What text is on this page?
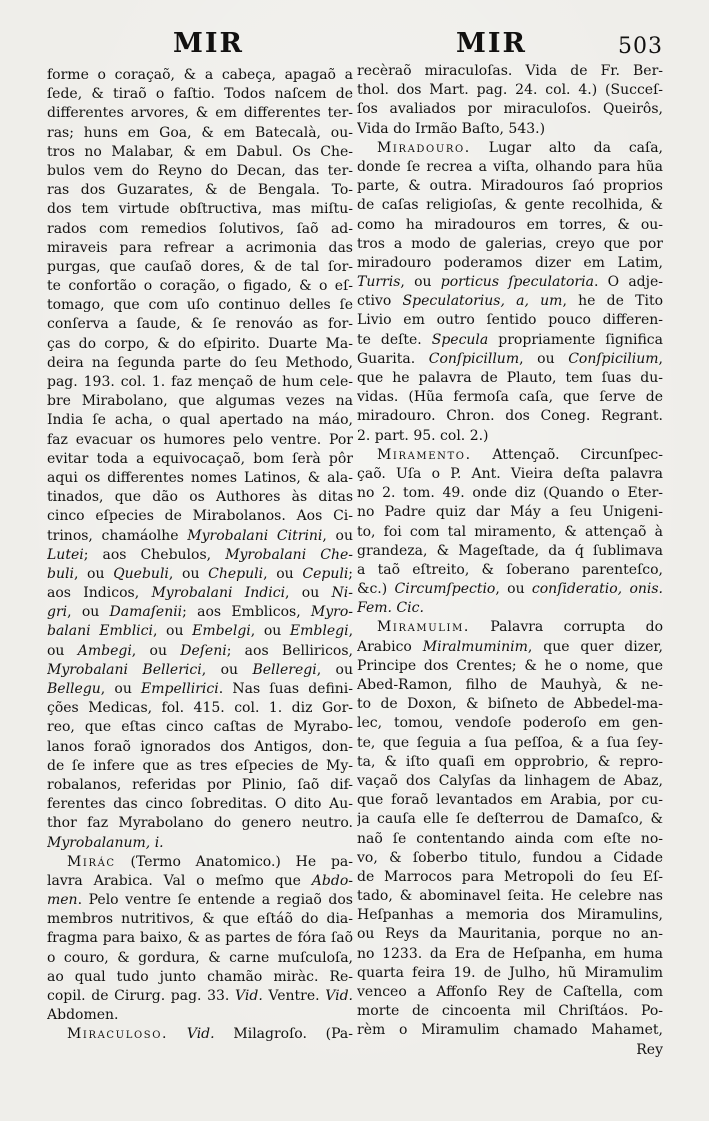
MIR	MIR	503
forme o coraçaõ, & a cabeça, apagaõ a
ſede, & tiraõ o faſtio. Todos naſcem de
differentes arvores, & em differentes ter-
ras; huns em Goa, & em Batecalà, ou-
tros no Malabar, & em Dabul. Os Che-
bulos vem do Reyno do Decan, das ter-
ras dos Guzarates, & de Bengala. To-
dos tem virtude obſtructiva, mas miſtu-
rados com remedios ſolutivos, ſaõ ad-
miraveis para refrear a acrimonia das
purgas, que cauſaõ dores, & de tal ſor-
te confortão o coração, o figado, & o eſ-
tomago, que com uſo continuo delles ſe
conſerva a ſaude, & ſe renováo as for-
ças do corpo, & do eſpirito. Duarte Ma-
deira na ſegunda parte do ſeu Methodo,
pag. 193. col. 1. faz mençaõ de hum cele-
bre Mirabolano, que algumas vezes na
India ſe acha, o qual apertado na máo,
faz evacuar os humores pelo ventre. Por
evitar toda a equivocaçaõ, bom ſerà pôr
aqui os differentes nomes Latinos, & ala-
tinados, que dão os Authores às ditas
cinco eſpecies de Mirabolanos. Aos Ci-
trinos, chamáolhe Myrobalani Citrini, ou
Lutei; aos Chebulos, Myrobalani Che-
buli, ou Quebuli, ou Chepuli, ou Cepuli;
aos Indicos, Myrobalani Indici, ou Ni-
gri, ou Damaſenii; aos Emblicos, Myro-
balani Emblici, ou Embelgi, ou Emblegi,
ou Ambegi, ou Deſeni; aos Belliricos,
Myrobalani Bellerici, ou Belleregi, ou
Bellegu, ou Empellirici. Nas ſuas defini-
ções Medicas, fol. 415. col. 1. diz Gor-
reo, que eſtas cinco caſtas de Myrabo-
lanos foraõ ignorados dos Antigos, don-
de ſe infere que as tres eſpecies de My-
robalanos, referidas por Plinio, ſaõ dif-
ferentes das cinco ſobreditas. O dito Au-
thor faz Myrabolano do genero neutro.
Myrobalanum, i.
Mirác (Termo Anatomico.) He pa-
lavra Arabica. Val o meſmo que Abdo-
men. Pelo ventre ſe entende a regiaõ dos
membros nutritivos, & que eſtáõ do dia-
fragma para baixo, & as partes de fóra ſaõ
o couro, & gordura, & carne muſculoſa,
ao qual tudo junto chamão miràc. Re-
copil. de Cirurg. pag. 33. Vid. Ventre. Vid.
Abdomen.
Miraculoso. Vid. Milagroſo. (Pa-
recèraõ miraculoſas. Vida de Fr. Ber-
thol. dos Mart. pag. 24. col. 4.) (Succeſ-
ſos avaliados por miraculoſos. Queirôs,
Vida do Irmão Baſto, 543.)
Miradouro. Lugar alto da caſa,
donde ſe recrea a viſta, olhando para hũa
parte, & outra. Miradouros ſaó proprios
de caſas religioſas, & gente recolhida, &
como ha miradouros em torres, & ou-
tros a modo de galerias, creyo que por
miradouro poderamos dizer em Latim,
Turris, ou porticus ſpeculatoria. O adje-
ctivo Speculatorius, a, um, he de Tito
Livio em outro ſentido pouco differen-
te deſte. Specula propriamente ſignifica
Guarita. Conſpicillum, ou Conſpicilium,
que he palavra de Plauto, tem ſuas du-
vidas. (Hũa fermoſa caſa, que ſerve de
miradouro. Chron. dos Coneg. Regrant.
2. part. 95. col. 2.)
Miramento. Attençaõ. Circunſpec-
çaõ. Uſa o P. Ant. Vieira deſta palavra
no 2. tom. 49. onde diz (Quando o Eter-
no Padre quiz dar Máy a ſeu Unigeni-
to, foi com tal miramento, & attençaõ à
grandeza, & Mageſtade, da q́ ſublimava
a taõ eſtreito, & ſoberano parenteſco,
&c.) Circumſpectio, ou conſideratio, onis.
Fem. Cic.
Miramulim. Palavra corrupta do
Arabico Miralmuminim, que quer dizer,
Principe dos Crentes; & he o nome, que
Abed-Ramon, filho de Mauhyà, & ne-
to de Doxon, & biſneto de Abbedel-ma-
lec, tomou, vendoſe poderoſo em gen-
te, que ſeguia a ſua peſſoa, & a ſua ſey-
ta, & iſto quaſi em opprobrio, & repro-
vaçaõ dos Calyſas da linhagem de Abaz,
que foraõ levantados em Arabia, por cu-
ja cauſa elle ſe deſterrou de Damaſco, &
naõ ſe contentando ainda com eſte no-
vo, & ſoberbo titulo, fundou a Cidade
de Marrocos para Metropoli do ſeu Eſ-
tado, & abominavel ſeita. He celebre nas
Heſpanhas a memoria dos Miramulins,
ou Reys da Mauritania, porque no an-
no 1233. da Era de Heſpanha, em huma
quarta feira 19. de Julho, hũ Miramulim
venceo a Affonſo Rey de Caſtella, com
morte de cincoenta mil Chriſtáos. Po-
rèm o Miramulim chamado Mahamet,
Rey
